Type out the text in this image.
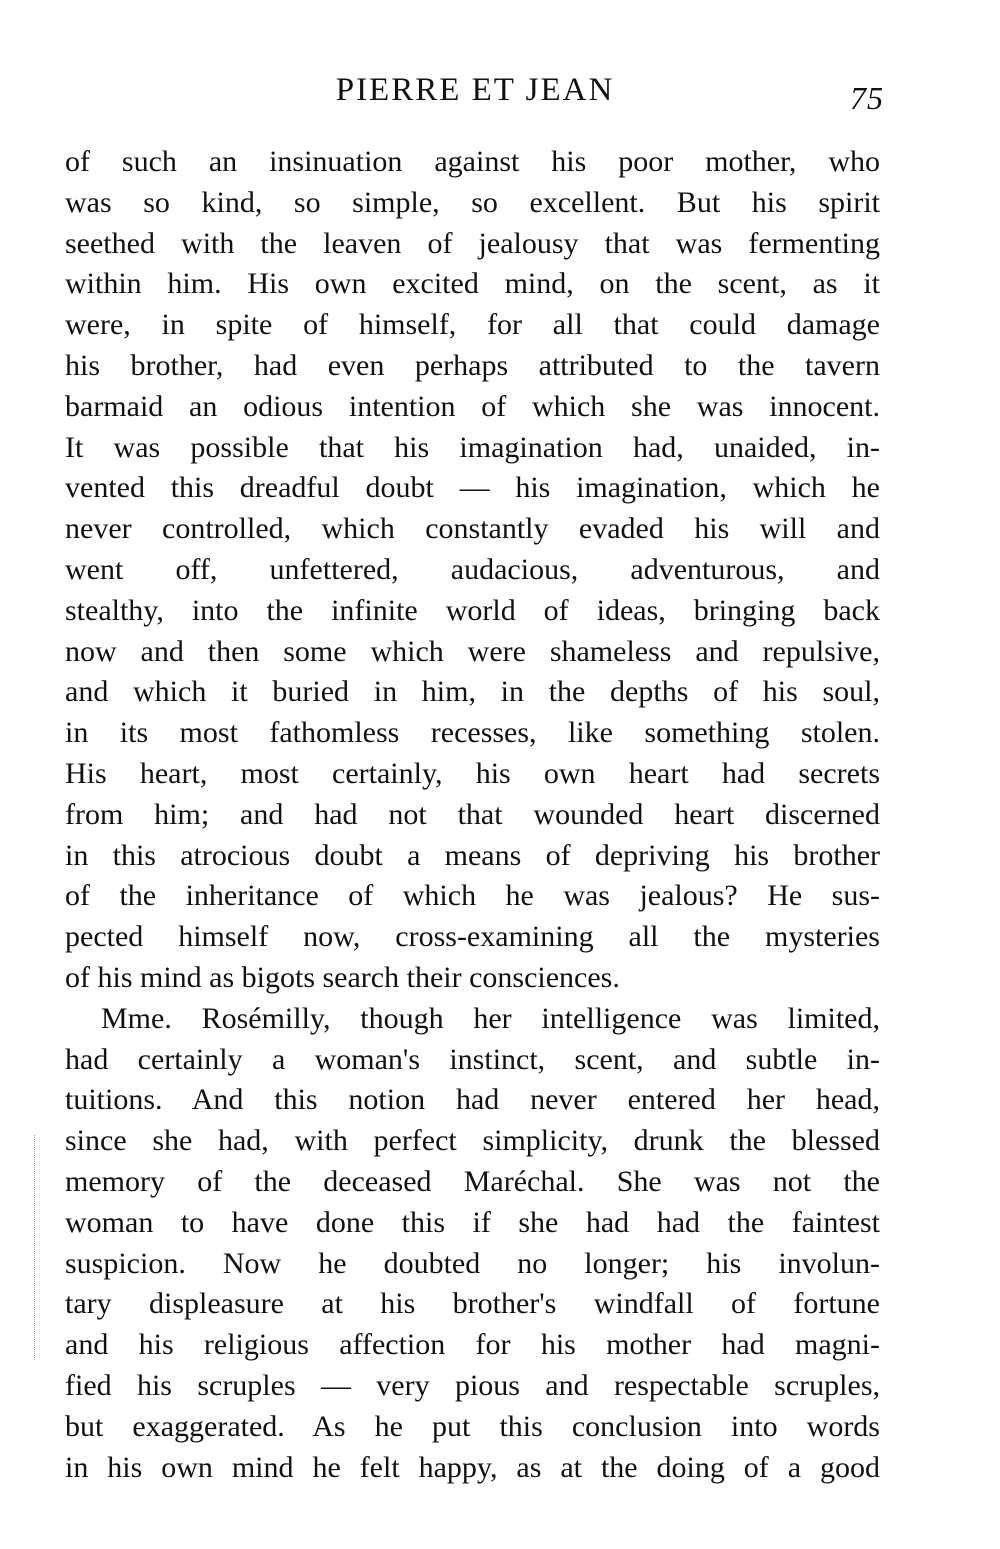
PIERRE ET JEAN	75
of such an insinuation against his poor mother, who
was so kind, so simple, so excellent. But his spirit
seethed with the leaven of jealousy that was fermenting
within him. His own excited mind, on the scent, as it
were, in spite of himself, for all that could damage
his brother, had even perhaps attributed to the tavern
barmaid an odious intention of which she was innocent.
It was possible that his imagination had, unaided, in-
vented this dreadful doubt — his imagination, which he
never controlled, which constantly evaded his will and
went off, unfettered, audacious, adventurous, and
stealthy, into the infinite world of ideas, bringing back
now and then some which were shameless and repulsive,
and which it buried in him, in the depths of his soul,
in its most fathomless recesses, like something stolen.
His heart, most certainly, his own heart had secrets
from him; and had not that wounded heart discerned
in this atrocious doubt a means of depriving his brother
of the inheritance of which he was jealous? He sus-
pected himself now, cross-examining all the mysteries
of his mind as bigots search their consciences.
Mme. Rosémilly, though her intelligence was limited,
had certainly a woman's instinct, scent, and subtle in-
tuitions. And this notion had never entered her head,
since she had, with perfect simplicity, drunk the blessed
memory of the deceased Maréchal. She was not the
woman to have done this if she had had the faintest
suspicion. Now he doubted no longer; his involun-
tary displeasure at his brother's windfall of fortune
and his religious affection for his mother had magni-
fied his scruples — very pious and respectable scruples,
but exaggerated. As he put this conclusion into words
in his own mind he felt happy, as at the doing of a good
